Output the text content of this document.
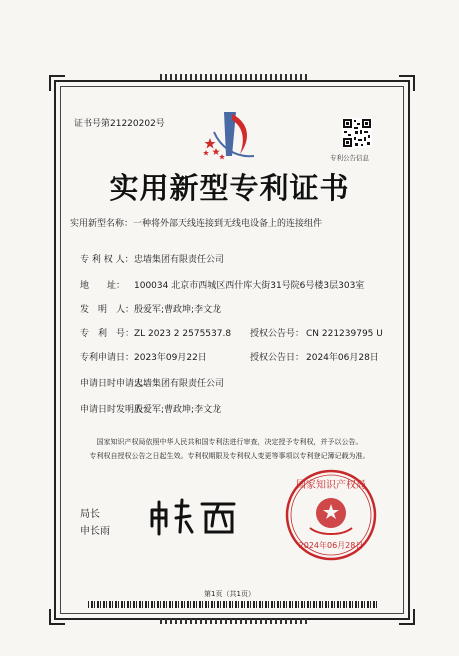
证书号第21220202号
专利公告信息
实用新型专利证书
实用新型名称：一种将外部天线连接到无线电设备上的连接组件
专 利 权 人：忠墙集团有限责任公司
地　　址： 100034 北京市西城区西什库大街31号院6号楼3层303室
发　明　人：殷爱军;曹政坤;李文龙
专　利　号：ZL 2023 2 2575537.8 授权公告号： CN 221239795 U
专利申请日：2023年09月22日	授权公告日： 2024年06月28日
申请日时申请人：忠墙集团有限责任公司
申请日时发明人：殷爱军;曹政坤;李文龙
国家知识产权局依照中华人民共和国专利法进行审查，决定授予专利权，并予以公告。
专利权自授权公告之日起生效。专利权期限及专利权人变更等事项以专利登记簿记载为准。
局长
申长雨
国家知识产权局
2024年06月28日
第1页（共1页）
